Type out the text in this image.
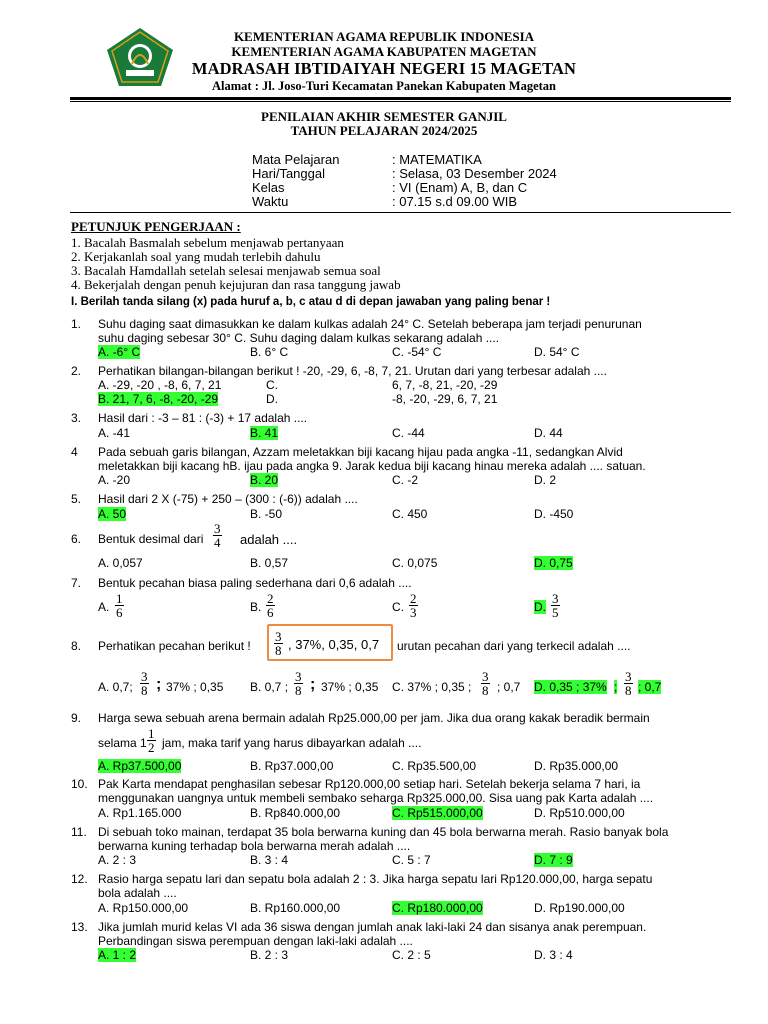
KEMENTERIAN AGAMA REPUBLIK INDONESIA
KEMENTERIAN AGAMA KABUPATEN MAGETAN
MADRASAH IBTIDAIYAH NEGERI 15 MAGETAN
Alamat : Jl. Joso-Turi Kecamatan Panekan Kabupaten Magetan
PENILAIAN AKHIR SEMESTER GANJIL
TAHUN PELAJARAN 2024/2025
Mata Pelajaran	: MATEMATIKA
Hari/Tanggal	: Selasa, 03 Desember 2024
Kelas	: VI (Enam) A, B, dan C
Waktu	: 07.15 s.d 09.00 WIB
PETUNJUK PENGERJAAN :
1. Bacalah Basmalah sebelum menjawab pertanyaan
2. Kerjakanlah soal yang mudah terlebih dahulu
3. Bacalah Hamdallah setelah selesai menjawab semua soal
4. Bekerjalah dengan penuh kejujuran dan rasa tanggung jawab
I. Berilah tanda silang (x) pada huruf a, b, c atau d di depan jawaban yang paling benar !
1. Suhu daging saat dimasukkan ke dalam kulkas adalah 24° C. Setelah beberapa jam terjadi penurunan
suhu daging sebesar 30° C. Suhu daging dalam kulkas sekarang adalah ....
A. -6° C	B. 6° C	C. -54° C	D. 54° C
2. Perhatikan bilangan-bilangan berikut ! -20, -29, 6, -8, 7, 21. Urutan dari yang terbesar adalah ....
A. -29, -20 , -8, 6, 7, 21	C.	6, 7, -8, 21, -20, -29
B. 21, 7, 6, -8, -20, -29	D.	-8, -20, -29, 6, 7, 21
3. Hasil dari : -3 – 81 : (-3) + 17 adalah ....
A. -41	B. 41	C. -44	D. 44
4 Pada sebuah garis bilangan, Azzam meletakkan biji kacang hijau pada angka -11, sedangkan Alvid
meletakkan biji kacang hB. ijau pada angka 9. Jarak kedua biji kacang hinau mereka adalah .... satuan.
A. -20	B. 20	C. -2	D. 2
5. Hasil dari 2 X (-75) + 250 – (300 : (-6)) adalah ....
A. 50	B. -50	C. 450	D. -450
6. Bentuk desimal dari $\frac{3}{4}$ adalah ....
A. 0,057	B. 0,57	C. 0,075	D. 0,75
7. Bentuk pecahan biasa paling sederhana dari 0,6 adalah ....
A. $\frac{1}{6}$	B. $\frac{2}{6}$	C. $\frac{2}{3}$	D. $\frac{3}{5}$
8. Perhatikan pecahan berikut ! $\frac{3}{8}$ , 37%, 0,35, 0,7 urutan pecahan dari yang terkecil adalah ....
A. 0,7; $\frac{3}{8}$ ; 37% ; 0,35 B. 0,7 ; $\frac{3}{8}$ ; 37% ; 0,35 C. 37% ; 0,35 ; $\frac{3}{8}$ ; 0,7 D. 0,35 ; 37% ; $\frac{3}{8}$ ; 0,7
9. Harga sewa sebuah arena bermain adalah Rp25.000,00 per jam. Jika dua orang kakak beradik bermain
selama $1 \frac{1}{2}$ jam, maka tarif yang harus dibayarkan adalah ....
A. Rp37.500,00	B. Rp37.000,00	C. Rp35.500,00	D. Rp35.000,00
10. Pak Karta mendapat penghasilan sebesar Rp120.000,00 setiap hari. Setelah bekerja selama 7 hari, ia
menggunakan uangnya untuk membeli sembako seharga Rp325.000,00. Sisa uang pak Karta adalah ....
A. Rp1.165.000	B. Rp840.000,00	C. Rp515.000,00	D. Rp510.000,00
11. Di sebuah toko mainan, terdapat 35 bola berwarna kuning dan 45 bola berwarna merah. Rasio banyak bola
berwarna kuning terhadap bola berwarna merah adalah ....
A. 2 : 3	B. 3 : 4	C. 5 : 7	D. 7 : 9
12. Rasio harga sepatu lari dan sepatu bola adalah 2 : 3. Jika harga sepatu lari Rp120.000,00, harga sepatu
bola adalah ....
A. Rp150.000,00	B. Rp160.000,00	C. Rp180.000,00	D. Rp190.000,00
13. Jika jumlah murid kelas VI ada 36 siswa dengan jumlah anak laki-laki 24 dan sisanya anak perempuan.
Perbandingan siswa perempuan dengan laki-laki adalah ....
A. 1 : 2	B. 2 : 3	C. 2 : 5	D. 3 : 4
